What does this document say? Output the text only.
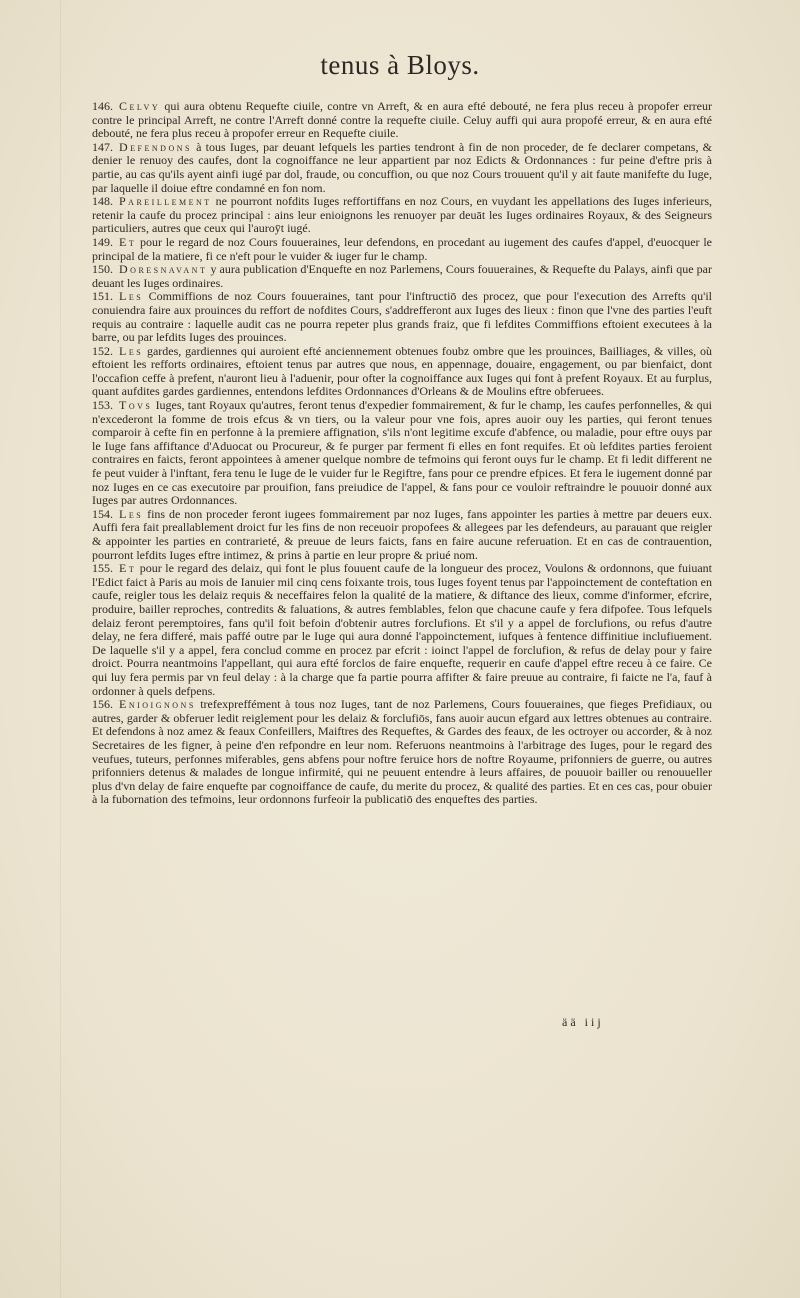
tenus à Bloys.

146. Celvy qui aura obtenu Requefte ciuile, contre vn Arreft, & en aura efté debouté, ne fera plus receu à propofer erreur contre le principal Arreft, ne contre l'Arreft donné contre la requefte ciuile. Celuy auffi qui aura propofé erreur, & en aura efté debouté, ne fera plus receu à propofer erreur en Requefte ciuile.

147. Defendons à tous Iuges, par deuant lefquels les parties tendront à fin de non proceder, de fe declarer competans, & denier le renuoy des caufes, dont la cognoiffance ne leur appartient par noz Edicts & Ordonnances : fur peine d'eftre pris à partie, au cas qu'ils ayent ainfi iugé par dol, fraude, ou concuffion, ou que noz Cours trouuent qu'il y ait faute manifefte du Iuge, par laquelle il doiue eftre condamné en fon nom.

148. Pareillement ne pourront nofdits Iuges reffortiffans en noz Cours, en vuydant les appellations des Iuges inferieurs, retenir la caufe du procez principal : ains leur enioignons les renuoyer par deuāt les Iuges ordinaires Royaux, & des Seigneurs particuliers, autres que ceux qui l'auroȳt iugé.

149. Et pour le regard de noz Cours fouueraines, leur defendons, en procedant au iugement des caufes d'appel, d'euocquer le principal de la matiere, fi ce n'eft pour le vuider & iuger fur le champ.

150. Doresnavant y aura publication d'Enquefte en noz Parlemens, Cours fouueraines, & Requefte du Palays, ainfi que par deuant les Iuges ordinaires.

151. Les Commiffions de noz Cours fouueraines, tant pour l'inftructiō des procez, que pour l'execution des Arrefts qu'il conuiendra faire aux prouinces du reffort de nofdites Cours, s'addrefferont aux Iuges des lieux : finon que l'vne des parties l'euft requis au contraire : laquelle audit cas ne pourra repeter plus grands fraiz, que fi lefdites Commiffions eftoient executees à la barre, ou par lefdits Iuges des prouinces.

152. Les gardes, gardiennes qui auroient efté anciennement obtenues foubz ombre que les prouinces, Bailliages, & villes, où eftoient les refforts ordinaires, eftoient tenus par autres que nous, en appennage, douaire, engagement, ou par bienfaict, dont l'occafion ceffe à prefent, n'auront lieu à l'aduenir, pour ofter la cognoiffance aux Iuges qui font à prefent Royaux. Et au furplus, quant aufdites gardes gardiennes, entendons lefdites Ordonnances d'Orleans & de Moulins eftre obferuees.

153. Tovs Iuges, tant Royaux qu'autres, feront tenus d'expedier fommairement, & fur le champ, les caufes perfonnelles, & qui n'excederont la fomme de trois efcus & vn tiers, ou la valeur pour vne fois, apres auoir ouy les parties, qui feront tenues comparoir à cefte fin en perfonne à la premiere affignation, s'ils n'ont legitime excufe d'abfence, ou maladie, pour eftre ouys par le Iuge fans affiftance d'Aduocat ou Procureur, & fe purger par ferment fi elles en font requifes. Et où lefdites parties feroient contraires en faicts, feront appointees à amener quelque nombre de tefmoins qui feront ouys fur le champ. Et fi ledit different ne fe peut vuider à l'inftant, fera tenu le Iuge de le vuider fur le Regiftre, fans pour ce prendre efpices. Et fera le iugement donné par noz Iuges en ce cas executoire par prouifion, fans preiudice de l'appel, & fans pour ce vouloir reftraindre le pouuoir donné aux Iuges par autres Ordonnances.

154. Les fins de non proceder feront iugees fommairement par noz Iuges, fans appointer les parties à mettre par deuers eux. Auffi fera fait preallablement droict fur les fins de non receuoir propofees & allegees par les defendeurs, au parauant que reigler & appointer les parties en contrarieté, & preuue de leurs faicts, fans en faire aucune referuation. Et en cas de contrauention, pourront lefdits Iuges eftre intimez, & prins à partie en leur propre & priué nom.

155. Et pour le regard des delaiz, qui font le plus fouuent caufe de la longueur des procez, Voulons & ordonnons, que fuiuant l'Edict faict à Paris au mois de Ianuier mil cinq cens foixante trois, tous Iuges foyent tenus par l'appoinctement de conteftation en caufe, reigler tous les delaiz requis & neceffaires felon la qualité de la matiere, & diftance des lieux, comme d'informer, efcrire, produire, bailler reproches, contredits & faluations, & autres femblables, felon que chacune caufe y fera difpofee. Tous lefquels delaiz feront peremptoires, fans qu'il foit befoin d'obtenir autres forclufions. Et s'il y a appel de forclufions, ou refus d'autre delay, ne fera differé, mais paffé outre par le Iuge qui aura donné l'appoinctement, iufques à fentence diffinitiue inclufiuement. De laquelle s'il y a appel, fera conclud comme en procez par efcrit : ioinct l'appel de forclufion, & refus de delay pour y faire droict. Pourra neantmoins l'appellant, qui aura efté forclos de faire enquefte, requerir en caufe d'appel eftre receu à ce faire. Ce qui luy fera permis par vn feul delay : à la charge que fa partie pourra affifter & faire preuue au contraire, fi faicte ne l'a, fauf à ordonner à quels defpens.

156. Enioignons trefexpreffément à tous noz Iuges, tant de noz Parlemens, Cours fouueraines, que fieges Prefidiaux, ou autres, garder & obferuer ledit reiglement pour les delaiz & forclufiōs, fans auoir aucun efgard aux lettres obtenues au contraire. Et defendons à noz amez & feaux Confeillers, Maiftres des Requeftes, & Gardes des feaux, de les octroyer ou accorder, & à noz Secretaires de les figner, à peine d'en refpondre en leur nom. Referuons neantmoins à l'arbitrage des Iuges, pour le regard des veufues, tuteurs, perfonnes miferables, gens abfens pour noftre feruice hors de noftre Royaume, prifonniers de guerre, ou autres prifonniers detenus & malades de longue infirmité, qui ne peuuent entendre à leurs affaires, de pouuoir bailler ou renouueller plus d'vn delay de faire enquefte par cognoiffance de caufe, du merite du procez, & qualité des parties. Et en ces cas, pour obuier à la fubornation des tefmoins, leur ordonnons furfeoir la publicatiō des enqueftes des parties.

ää iij
